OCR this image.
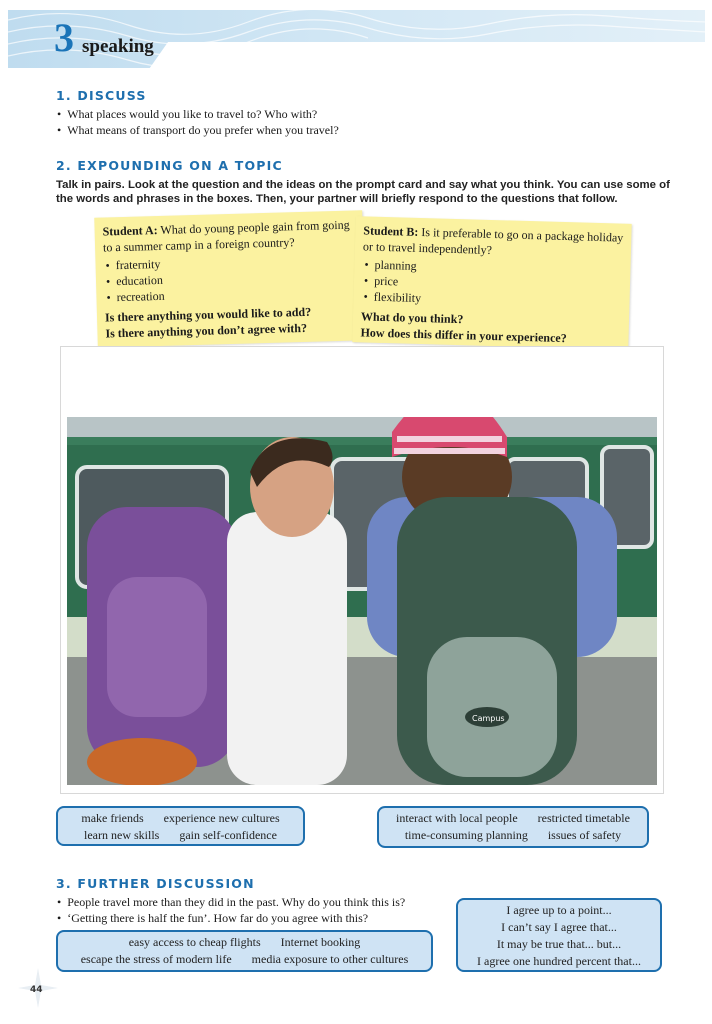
3 speaking
1. DISCUSS
• What places would you like to travel to? Who with?
• What means of transport do you prefer when you travel?
2. EXPOUNDING ON A TOPIC

Talk in pairs. Look at the question and the ideas on the prompt card and say what you think. You can use some of the words and phrases in the boxes. Then, your partner will briefly respond to the questions that follow.

Student A: What do young people gain from going to a summer camp in a foreign country?
• fraternity
• education
• recreation
Is there anything you would like to add?
Is there anything you don’t agree with?
Student B: Is it preferable to go on a package holiday or to travel independently?
• planning
• price
• flexibility
What do you think?
How does this differ in your experience?
Campus
make friends experience new cultures
learn new skills gain self-confidence
interact with local people restricted timetable
time-consuming planning issues of safety
3. FURTHER DISCUSSION
• People travel more than they did in the past. Why do you think this is?
• ‘Getting there is half the fun’. How far do you agree with this?
easy access to cheap flights Internet booking
escape the stress of modern life media exposure to other cultures
I agree up to a point...
I can’t say I agree that...
It may be true that... but...
I agree one hundred percent that...
44
